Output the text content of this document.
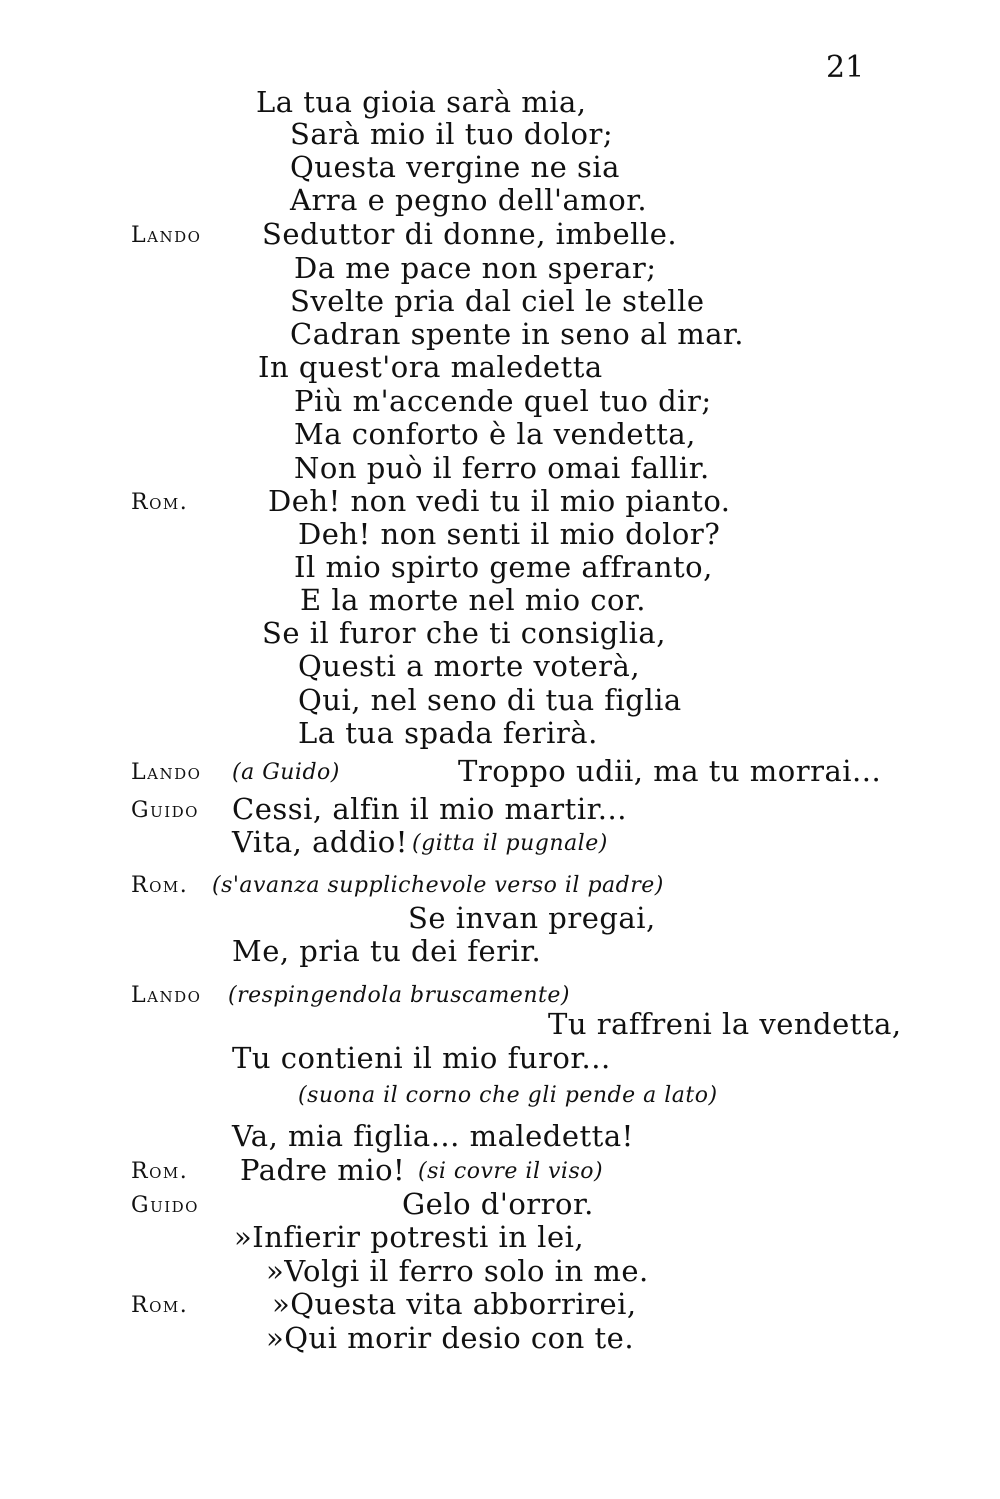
21
La tua gioia sarà mia,
Sarà mio il tuo dolor;
Questa vergine ne sia
Arra e pegno dell'amor.
Lando Seduttor di donne, imbelle.
Da me pace non sperar;
Svelte pria dal ciel le stelle
Cadran spente in seno al mar.
In quest'ora maledetta
Più m'accende quel tuo dir;
Ma conforto è la vendetta,
Non può il ferro omai fallir.
Rom.	Deh! non vedi tu il mio pianto.
Deh! non senti il mio dolor?
Il mio spirto geme affranto,
E la morte nel mio cor.
Se il furor che ti consiglia,
Questi a morte voterà,
Qui, nel seno di tua figlia
La tua spada ferirà.
Lando (a Guido)	Troppo udii, ma tu morrai...
Guido Cessi, alfin il mio martir...
Vita, addio! (gitta il pugnale)
Rom. (s'avanza supplichevole verso il padre)
Se invan pregai,
Me, pria tu dei ferir.
Lando (respingendola bruscamente)
Tu raffreni la vendetta,
Tu contieni il mio furor...
(suona il corno che gli pende a lato)
Va, mia figlia... maledetta!
Rom. Padre mio! (si covre il viso)
Guido	Gelo d'orror.
»Infierir potresti in lei,
»Volgi il ferro solo in me.
Rom.	»Questa vita abborrirei,
»Qui morir desio con te.
